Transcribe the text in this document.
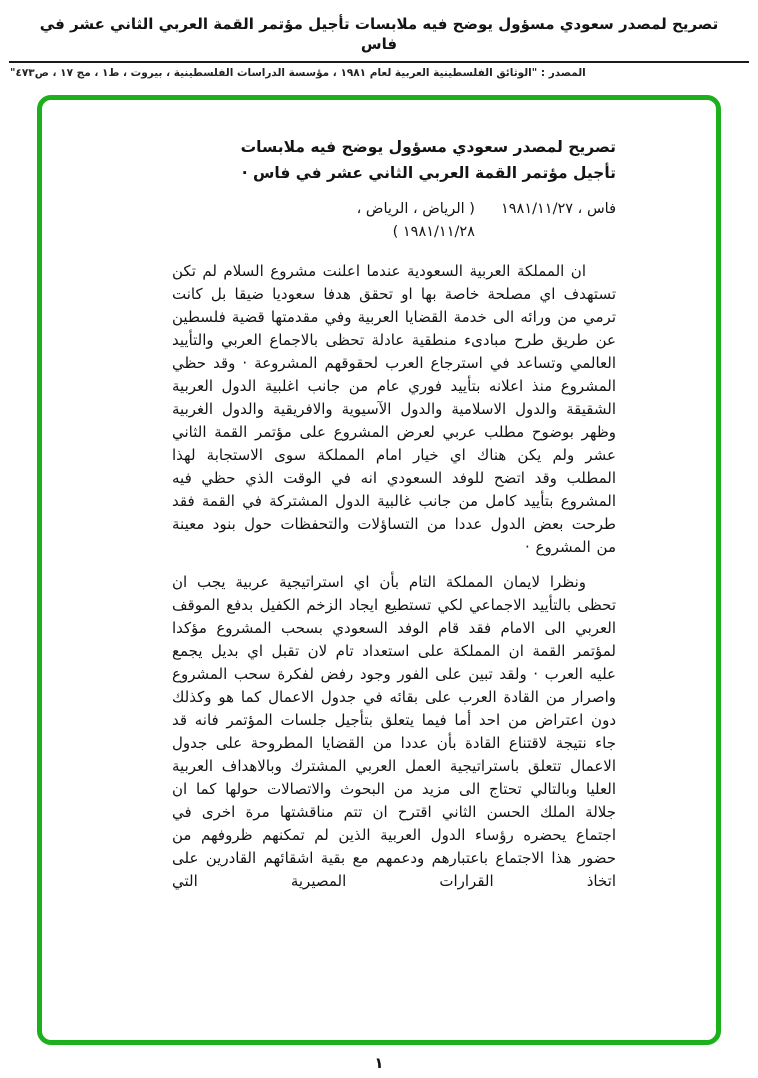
تصريح لمصدر سعودي مسؤول يوضح فيه ملابسات تأجيل مؤتمر القمة العربي الثاني عشر في فاس
المصدر : "الوثائق الفلسطينية العربية لعام ١٩٨١ ، مؤسسة الدراسات الفلسطينية ، بيروت ، ط١ ، مج ١٧ ، ص٤٧٣"
تصريح لمصدر سعودي مسؤول يوضح فيه ملابسات
تأجيل مؤتمر القمة العربي الثاني عشر في فاس ·
فاس ، ١٩٨١/١١/٢٧
( الرياض ، الرياض ،
١٩٨١/١١/٢٨ )

ان المملكة العربية السعودية عندما اعلنت مشروع السلام لم تكن تستهدف اي مصلحة خاصة بها او تحقق هدفا سعوديا ضيقا بل كانت ترمي من ورائه الى خدمة القضايا العربية وفي مقدمتها قضية فلسطين عن طريق طرح مبادىء منطقية عادلة تحظى بالاجماع العربي والتأييد العالمي وتساعد في استرجاع العرب لحقوقهم المشروعة · وقد حظي المشروع منذ اعلانه بتأييد فوري عام من جانب اغلبية الدول العربية الشقيقة والدول الاسلامية والدول الآسيوية والافريقية والدول الغربية وظهر بوضوح مطلب عربي لعرض المشروع على مؤتمر القمة الثاني عشر ولم يكن هناك اي خيار امام المملكة سوى الاستجابة لهذا المطلب وقد اتضح للوفد السعودي انه في الوقت الذي حظي فيه المشروع بتأييد كامل من جانب غالبية الدول المشتركة في القمة فقد طرحت بعض الدول عددا من التساؤلات والتحفظات حول بنود معينة من المشروع ·

ونظرا لايمان المملكة التام بأن اي استراتيجية عربية يجب ان تحظى بالتأييد الاجماعي لكي تستطيع ايجاد الزخم الكفيل بدفع الموقف العربي الى الامام فقد قام الوفد السعودي بسحب المشروع مؤكدا لمؤتمر القمة ان المملكة على استعداد تام لان تقبل اي بديل يجمع عليه العرب · ولقد تبين على الفور وجود رفض لفكرة سحب المشروع واصرار من القادة العرب على بقائه في جدول الاعمال كما هو وكذلك دون اعتراض من احد أما فيما يتعلق بتأجيل جلسات المؤتمر فانه قد جاء نتيجة لاقتناع القادة بأن عددا من القضايا المطروحة على جدول الاعمال تتعلق باستراتيجية العمل العربي المشترك وبالاهداف العربية العليا وبالتالي تحتاج الى مزيد من البحوث والاتصالات حولها كما ان جلالة الملك الحسن الثاني اقترح ان تتم مناقشتها مرة اخرى في اجتماع يحضره رؤساء الدول العربية الذين لم تمكنهم ظروفهم من حضور هذا الاجتماع باعتبارهم ودعمهم مع بقية اشقائهم القادرين على اتخاذ القرارات المصيرية التي

١
